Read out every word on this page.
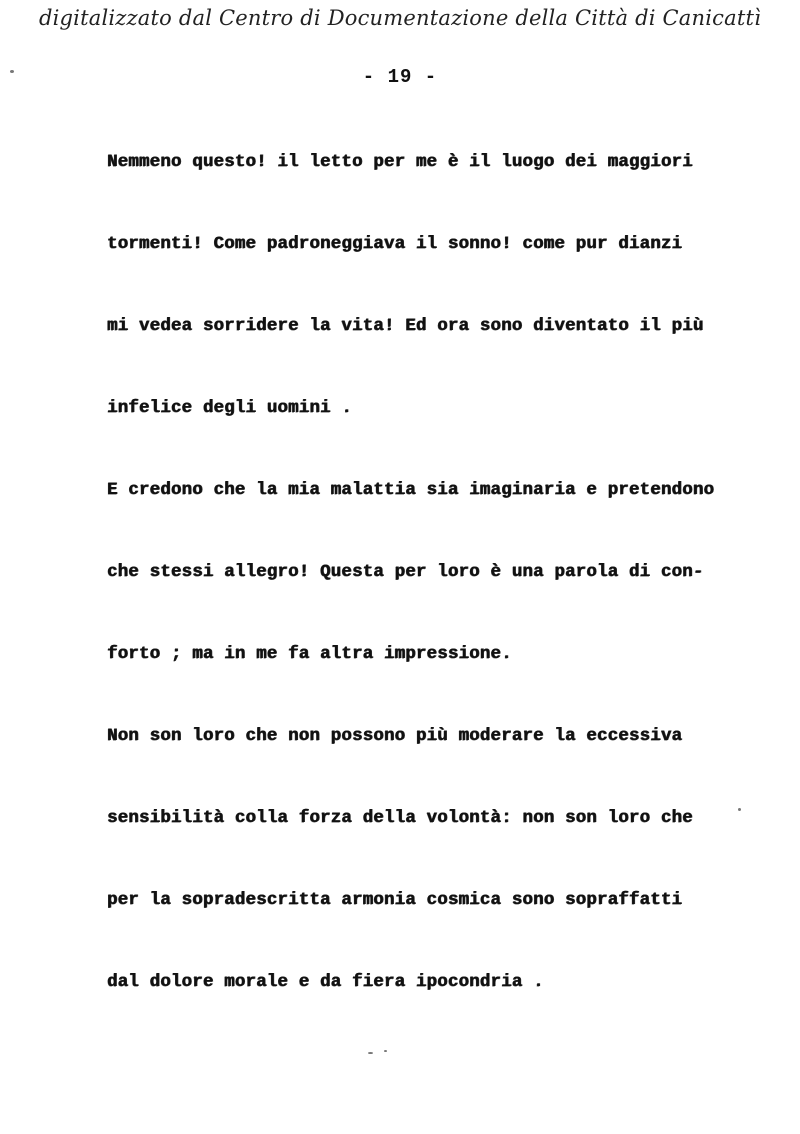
digitalizzato dal Centro di Documentazione della Città di Canicattì
- 19 -
Nemmeno questo! il letto per me è il luogo dei maggiori
tormenti! Come padroneggiava il sonno! come pur dianzi
mi vedea sorridere la vita! Ed ora sono diventato il più
infelice degli uomini .
E credono che la mia malattia sia imaginaria e pretendono
che stessi allegro! Questa per loro è una parola di con-
forto ; ma in me fa altra impressione.
Non son loro che non possono più moderare la eccessiva
sensibilità colla forza della volontà: non son loro che
per la sopradescritta armonia cosmica sono sopraffatti
dal dolore morale e da fiera ipocondria .
